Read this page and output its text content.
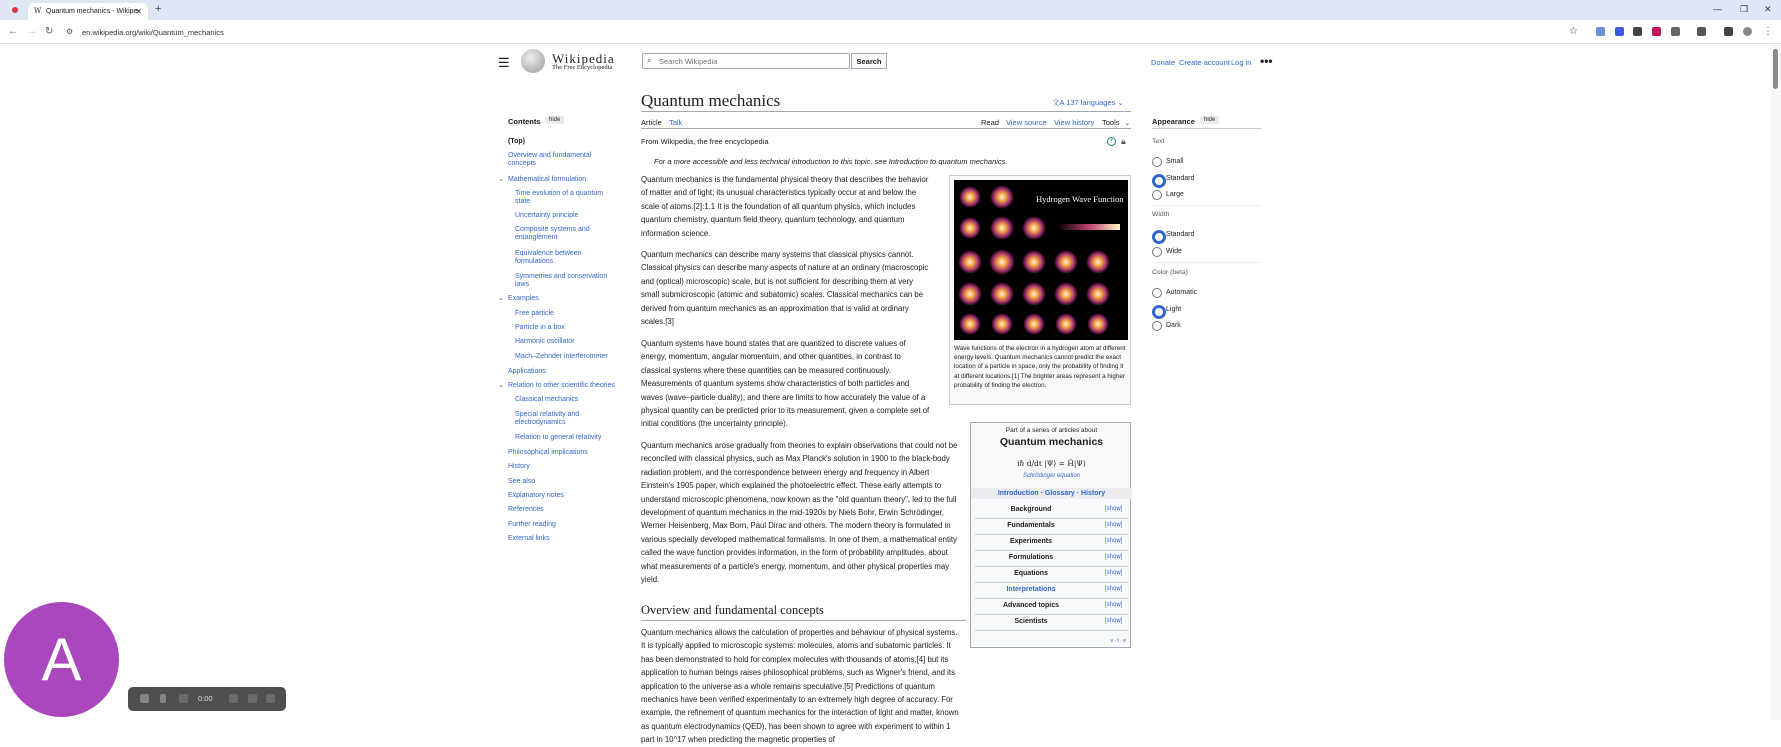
W Quantum mechanics - Wikipe
✕ +	— ❐ ✕
← → ↻ ⚙ en.wikipedia.org/wiki/Quantum_mechanics	☆	⋮
☰	Wikipedia
The Free Encyclopedia
⌕ Search Wikipedia	Search	Donate Create account Log in •••
Contents	hide
(Top)
Overview and fundamental concepts
⌄ Mathematical formulation
Time evolution of a quantum state
Uncertainty principle
Composite systems and entanglement
Equivalence between formulations
Symmetries and conservation laws
⌄ Examples
Free particle
Particle in a box
Harmonic oscillator
Mach–Zehnder interferometer
Applications
⌄ Relation to other scientific theories
Classical mechanics
Special relativity and electrodynamics
Relation to general relativity
Philosophical implications
History
See also
Explanatory notes
References
Further reading
External links
Quantum mechanics	文A 137 languages ⌄
Article Talk	Read View source View history Tools ⌄
From Wikipedia, the free encyclopedia	+ 🔒︎
For a more accessible and less technical introduction to this topic, see Introduction to quantum mechanics.
Quantum mechanics is the fundamental physical theory that describes the behavior of matter and of light; its unusual characteristics typically occur at and below the scale of atoms.[2]:1.1 It is the foundation of all quantum physics, which includes quantum chemistry, quantum field theory, quantum technology, and quantum information science.
Quantum mechanics can describe many systems that classical physics cannot. Classical physics can describe many aspects of nature at an ordinary (macroscopic and (optical) microscopic) scale, but is not sufficient for describing them at very small submicroscopic (atomic and subatomic) scales. Classical mechanics can be derived from quantum mechanics as an approximation that is valid at ordinary scales.[3]
Quantum systems have bound states that are quantized to discrete values of energy, momentum, angular momentum, and other quantities, in contrast to classical systems where these quantities can be measured continuously. Measurements of quantum systems show characteristics of both particles and waves (wave–particle duality), and there are limits to how accurately the value of a physical quantity can be predicted prior to its measurement, given a complete set of initial conditions (the uncertainty principle).
Quantum mechanics arose gradually from theories to explain observations that could not be reconciled with classical physics, such as Max Planck's solution in 1900 to the black-body radiation problem, and the correspondence between energy and frequency in Albert Einstein's 1905 paper, which explained the photoelectric effect. These early attempts to understand microscopic phenomena, now known as the "old quantum theory", led to the full development of quantum mechanics in the mid-1920s by Niels Bohr, Erwin Schrödinger, Werner Heisenberg, Max Born, Paul Dirac and others. The modern theory is formulated in various specially developed mathematical formalisms. In one of them, a mathematical entity called the wave function provides information, in the form of probability amplitudes, about what measurements of a particle's energy, momentum, and other physical properties may yield.
Overview and fundamental concepts
Quantum mechanics allows the calculation of properties and behaviour of physical systems. It is typically applied to microscopic systems: molecules, atoms and subatomic particles. It has been demonstrated to hold for complex molecules with thousands of atoms,[4] but its application to human beings raises philosophical problems, such as Wigner's friend, and its application to the universe as a whole remains speculative.[5] Predictions of quantum mechanics have been verified experimentally to an extremely high degree of accuracy. For example, the refinement of quantum mechanics for the interaction of light and matter, known as quantum electrodynamics (QED), has been shown to agree with experiment to within 1 part in 10^17 when predicting the magnetic properties of
Hydrogen Wave Function
Wave functions of the electron in a hydrogen atom at different energy levels. Quantum mechanics cannot predict the exact location of a particle in space, only the probability of finding it at different locations.[1] The brighter areas represent a higher probability of finding the electron.
Part of a series of articles about
Quantum mechanics
iℏ d/dt |Ψ⟩ = Ĥ|Ψ⟩
Schrödinger equation
Introduction · Glossary · History
Background	[show]
Fundamentals	[show]
Experiments	[show]
Formulations	[show]
Equations	[show]
Interpretations	[show]
Advanced topics	[show]
Scientists	[show]
v · t · e
Appearance	hide
Text
Small
Standard
Large
Width
Standard
Wide
Color (beta)
Automatic
Light
Dark
A
0:00
